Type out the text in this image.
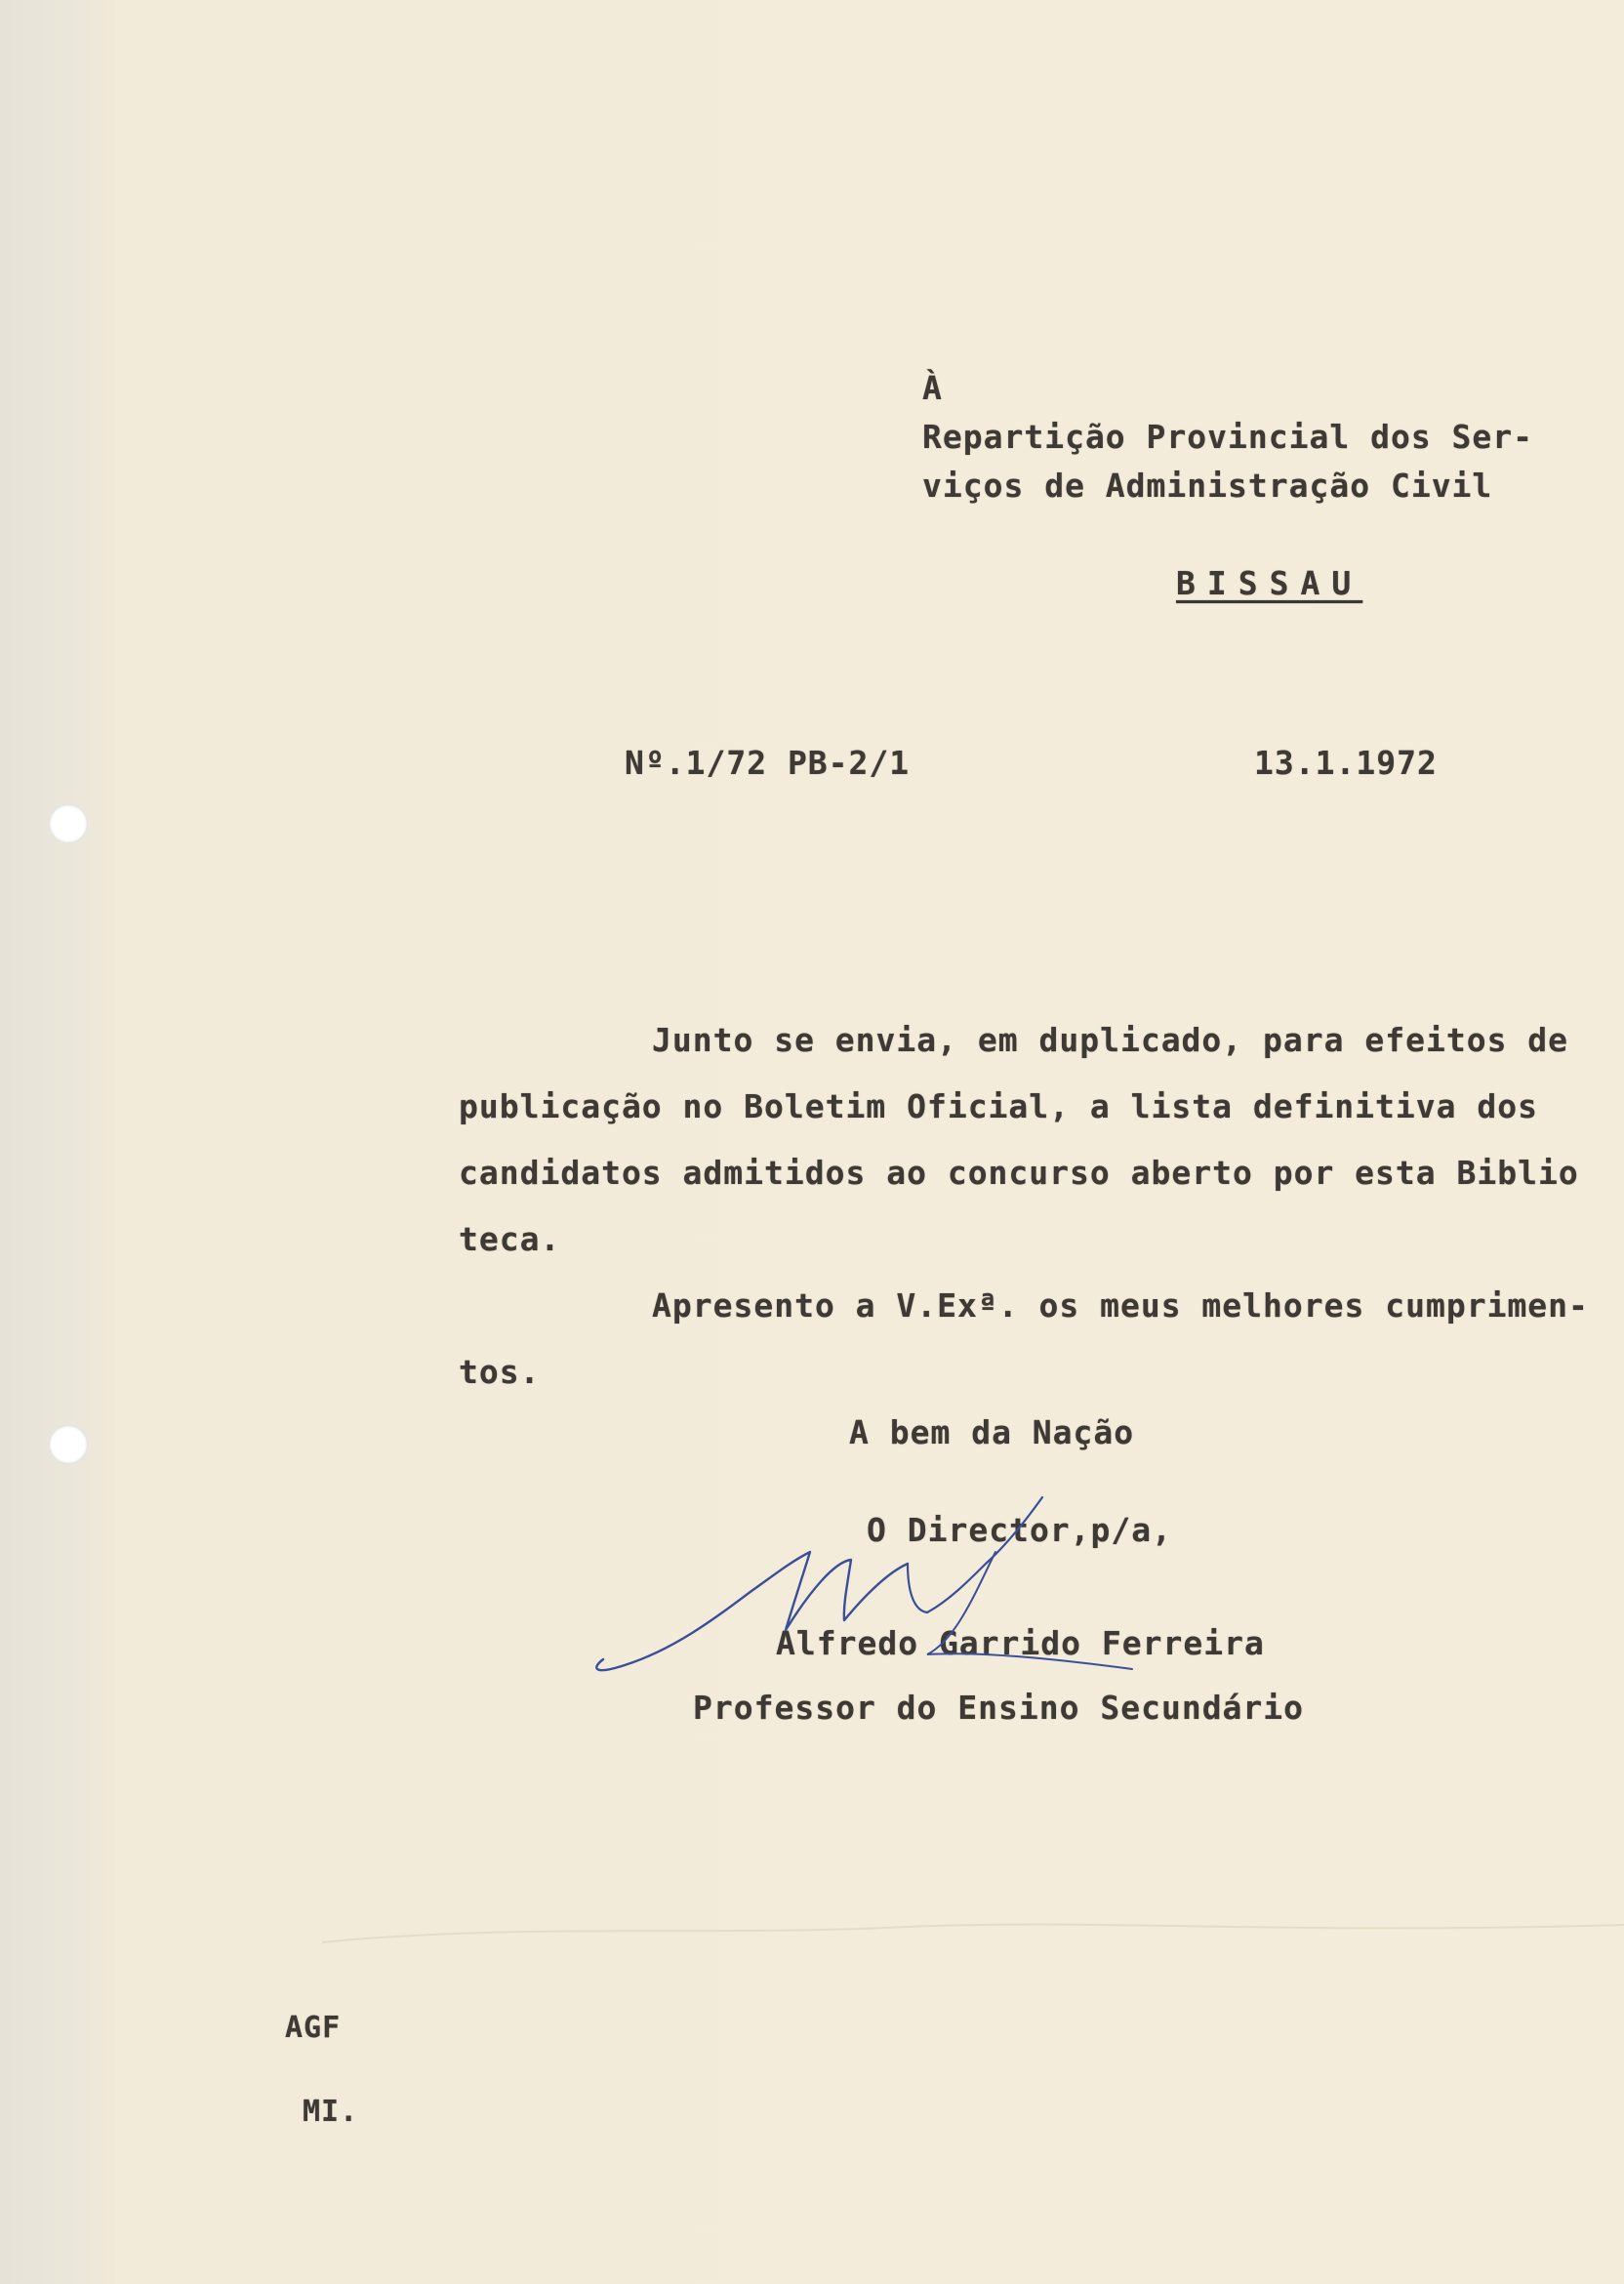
À
Repartição Provincial dos Ser-
viços de Administração Civil
BISSAU
Nº.1/72 PB-2/1	13.1.1972
Junto se envia, em duplicado, para efeitos de
publicação no Boletim Oficial, a lista definitiva dos
candidatos admitidos ao concurso aberto por esta Biblio
teca.
Apresento a V.Exª. os meus melhores cumprimen-
tos.
A bem da Nação
O Director,p/a,
Alfredo Garrido Ferreira
Professor do Ensino Secundário
AGF
MI.
